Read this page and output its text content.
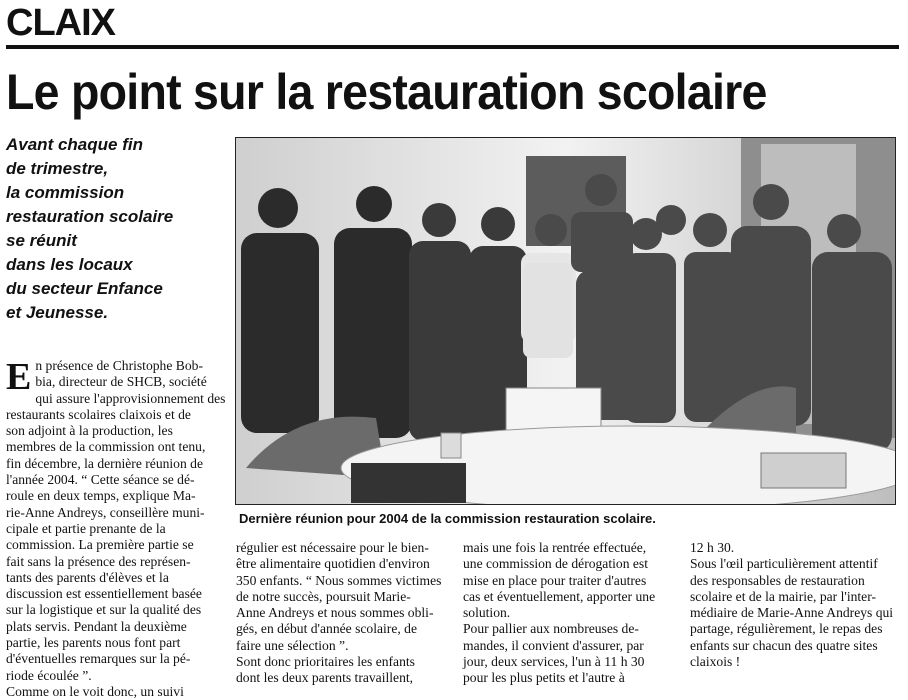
CLAIX
Le point sur la restauration scolaire
Avant chaque fin
de trimestre,
la commission
restauration scolaire
se réunit
dans les locaux
du secteur Enfance
et Jeunesse.
Dernière réunion pour 2004 de la commission restauration scolaire.
E n présence de Christophe Bob-
bia, directeur de SHCB, société
qui assure l'approvisionnement des
restaurants scolaires claixois et de
son adjoint à la production, les
membres de la commission ont tenu,
fin décembre, la dernière réunion de
l'année 2004. “ Cette séance se dé-
roule en deux temps, explique Ma-
rie-Anne Andreys, conseillère muni-
cipale et partie prenante de la
commission. La première partie se
fait sans la présence des représen-
tants des parents d'élèves et la
discussion est essentiellement basée
sur la logistique et sur la qualité des
plats servis. Pendant la deuxième
partie, les parents nous font part
d'éventuelles remarques sur la pé-
riode écoulée ”.
Comme on le voit donc, un suivi
régulier est nécessaire pour le bien-
être alimentaire quotidien d'environ
350 enfants. “ Nous sommes victimes
de notre succès, poursuit Marie-
Anne Andreys et nous sommes obli-
gés, en début d'année scolaire, de
faire une sélection ”.
Sont donc prioritaires les enfants
dont les deux parents travaillent,
mais une fois la rentrée effectuée,
une commission de dérogation est
mise en place pour traiter d'autres
cas et éventuellement, apporter une
solution.
Pour pallier aux nombreuses de-
mandes, il convient d'assurer, par
jour, deux services, l'un à 11 h 30
pour les plus petits et l'autre à
12 h 30.
Sous l'œil particulièrement attentif
des responsables de restauration
scolaire et de la mairie, par l'inter-
médiaire de Marie-Anne Andreys qui
partage, régulièrement, le repas des
enfants sur chacun des quatre sites
claixois !
